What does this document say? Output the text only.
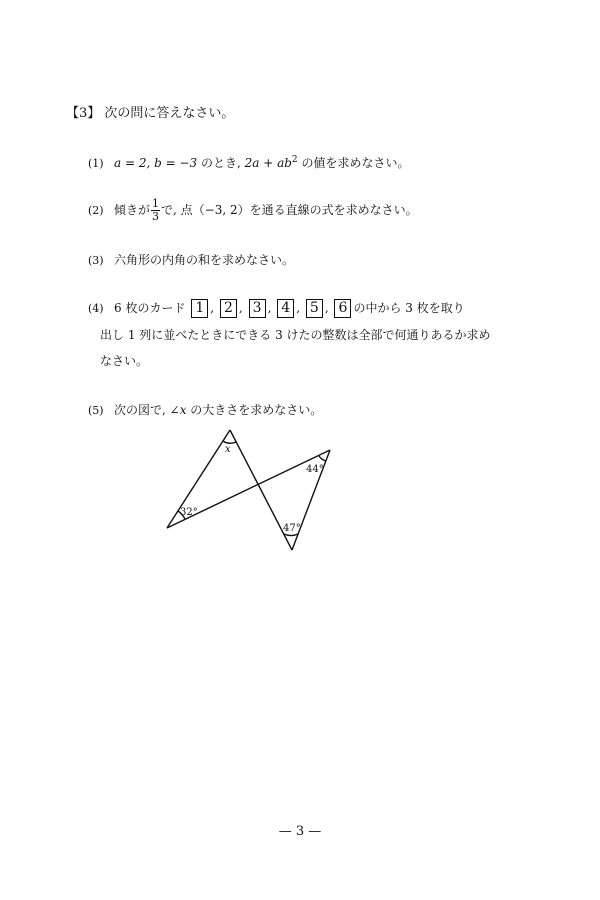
【3】 次の問に答えなさい。
(1) a = 2, b = −3 のとき, $2a + ab^2$ の値を求めなさい。
(2) 傾きが $\frac{1}{3}$ で, 点（−3, 2）を通る直線の式を求めなさい。
(3) 六角形の内角の和を求めなさい。
(4) 6 枚のカード 1 , 2 , 3 , 4 , 5 , 6 の中から 3 枚を取り
出し 1 列に並べたときにできる 3 けたの整数は全部で何通りあるか求め
なさい。
(5) 次の図で, ∠x の大きさを求めなさい。
x
44°
32°
47°
— 3 —
